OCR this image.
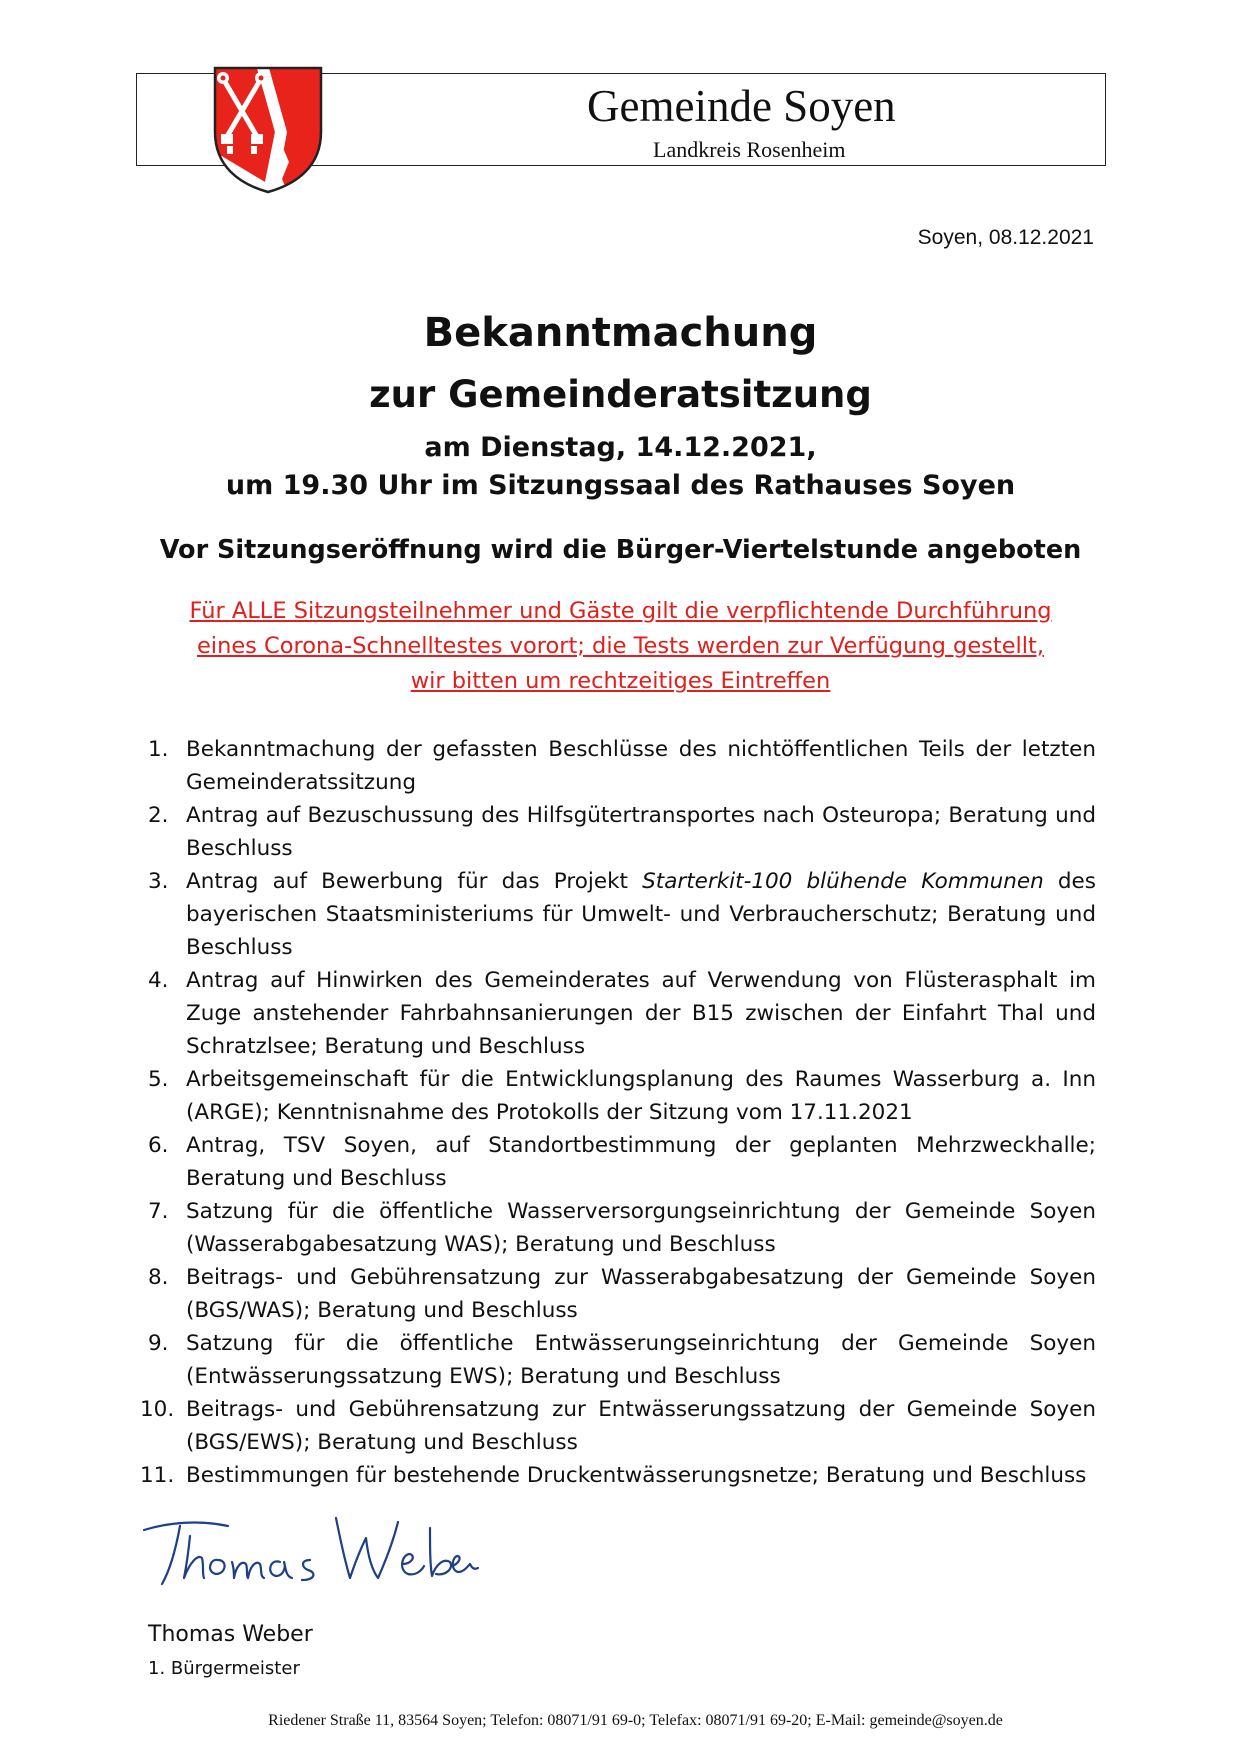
Gemeinde Soyen
Landkreis Rosenheim
Soyen, 08.12.2021
Bekanntmachung
zur Gemeinderatsitzung
am Dienstag, 14.12.2021,
um 19.30 Uhr im Sitzungssaal des Rathauses Soyen
Vor Sitzungseröffnung wird die Bürger-Viertelstunde angeboten
Für ALLE Sitzungsteilnehmer und Gäste gilt die verpflichtende Durchführung
eines Corona-Schnelltestes vorort; die Tests werden zur Verfügung gestellt,
wir bitten um rechtzeitiges Eintreffen
1. Bekanntmachung der gefassten Beschlüsse des nichtöffentlichen Teils der letzten Gemeinderatssitzung
2. Antrag auf Bezuschussung des Hilfsgütertransportes nach Osteuropa; Beratung und Beschluss
3. Antrag auf Bewerbung für das Projekt Starterkit-100 blühende Kommunen des bayerischen Staatsministeriums für Umwelt- und Verbraucherschutz; Beratung und Beschluss
4. Antrag auf Hinwirken des Gemeinderates auf Verwendung von Flüsterasphalt im Zuge anstehender Fahrbahnsanierungen der B15 zwischen der Einfahrt Thal und Schratzlsee; Beratung und Beschluss
5. Arbeitsgemeinschaft für die Entwicklungsplanung des Raumes Wasserburg a. Inn (ARGE); Kenntnisnahme des Protokolls der Sitzung vom 17.11.2021
6. Antrag, TSV Soyen, auf Standortbestimmung der geplanten Mehrzweckhalle; Beratung und Beschluss
7. Satzung für die öffentliche Wasserversorgungseinrichtung der Gemeinde Soyen (Wasserabgabesatzung WAS); Beratung und Beschluss
8. Beitrags- und Gebührensatzung zur Wasserabgabesatzung der Gemeinde Soyen (BGS/WAS); Beratung und Beschluss
9. Satzung für die öffentliche Entwässerungseinrichtung der Gemeinde Soyen (Entwässerungssatzung EWS); Beratung und Beschluss
10. Beitrags- und Gebührensatzung zur Entwässerungssatzung der Gemeinde Soyen (BGS/EWS); Beratung und Beschluss
11. Bestimmungen für bestehende Druckentwässerungsnetze; Beratung und Beschluss
Thomas Weber
1. Bürgermeister
Riedener Straße 11, 83564 Soyen; Telefon: 08071/91 69-0; Telefax: 08071/91 69-20; E-Mail: gemeinde@soyen.de
